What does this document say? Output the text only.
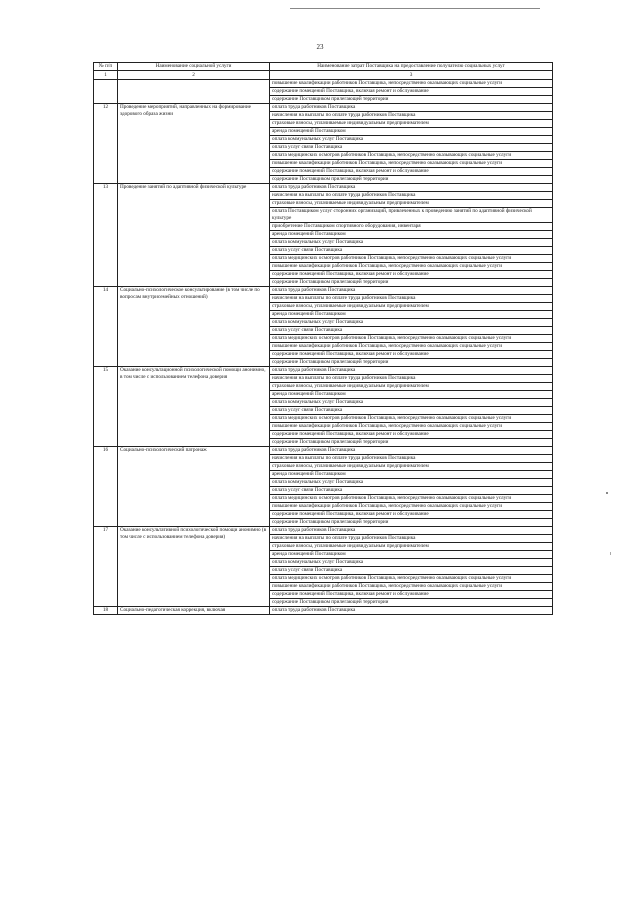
23
№ п/п	Наименование социальной услуги	Наименование затрат Поставщика на предоставление получателю социальных услуг
1	2	3
		повышение квалификации работников Поставщика, непосредственно оказывающих социальные услуги
		содержание помещений Поставщика, включая ремонт и обслуживание
		содержание Поставщиком прилегающей территории
12	Проведение мероприятий, направленных на формирование здорового образа жизни	оплата труда работников Поставщика
		начисления на выплаты по оплате труда работников Поставщика
		страховые взносы, уплачиваемые индивидуальным предпринимателем
		аренда помещений Поставщиком
		оплата коммунальных услуг Поставщика
		оплата услуг связи Поставщика
		оплата медицинских осмотров работников Поставщика, непосредственно оказывающих социальные услуги
		повышение квалификации работников Поставщика, непосредственно оказывающих социальные услуги
		содержание помещений Поставщика, включая ремонт и обслуживание
		содержание Поставщиком прилегающей территории
13	Проведение занятий по адаптивной физической культуре	оплата труда работников Поставщика
		начисления на выплаты по оплате труда работников Поставщика
		страховые взносы, уплачиваемые индивидуальным предпринимателем
		оплата Поставщиком услуг сторонних организаций, привлеченных к проведению занятий по адаптивной физической культуре
		приобретение Поставщиком спортивного оборудования, инвентаря
		аренда помещений Поставщиком
		оплата коммунальных услуг Поставщика
		оплата услуг связи Поставщика
		оплата медицинских осмотров работников Поставщика, непосредственно оказывающих социальные услуги
		повышение квалификации работников Поставщика, непосредственно оказывающих социальные услуги
		содержание помещений Поставщика, включая ремонт и обслуживание
		содержание Поставщиком прилегающей территории
14	Социально-психологическое консультирование (в том числе по вопросам внутрисемейных отношений)	оплата труда работников Поставщика
		начисления на выплаты по оплате труда работников Поставщика
		страховые взносы, уплачиваемые индивидуальным предпринимателем
		аренда помещений Поставщиком
		оплата коммунальных услуг Поставщика
		оплата услуг связи Поставщика
		оплата медицинских осмотров работников Поставщика, непосредственно оказывающих социальные услуги
		повышение квалификации работников Поставщика, непосредственно оказывающих социальные услуги
		содержание помещений Поставщика, включая ремонт и обслуживание
		содержание Поставщиком прилегающей территории
15	Оказание консультационной психологической помощи анонимно, в том числе с использованием телефона доверия	оплата труда работников Поставщика
		начисления на выплаты по оплате труда работников Поставщика
		страховые взносы, уплачиваемые индивидуальным предпринимателем
		аренда помещений Поставщиком
		оплата коммунальных услуг Поставщика
		оплата услуг связи Поставщика
		оплата медицинских осмотров работников Поставщика, непосредственно оказывающих социальные услуги
		повышение квалификации работников Поставщика, непосредственно оказывающих социальные услуги
		содержание помещений Поставщика, включая ремонт и обслуживание
		содержание Поставщиком прилегающей территории
16	Социально-психологический патронаж	оплата труда работников Поставщика
		начисления на выплаты по оплате труда работников Поставщика
		страховые взносы, уплачиваемые индивидуальным предпринимателем
		аренда помещений Поставщиком
		оплата коммунальных услуг Поставщика
		оплата услуг связи Поставщика
		оплата медицинских осмотров работников Поставщика, непосредственно оказывающих социальные услуги
		повышение квалификации работников Поставщика, непосредственно оказывающих социальные услуги
		содержание помещений Поставщика, включая ремонт и обслуживание
		содержание Поставщиком прилегающей территории
17	Оказание консультативной психологической помощи анонимно (в том числе с использованием телефона доверия)	оплата труда работников Поставщика
		начисления на выплаты по оплате труда работников Поставщика
		страховые взносы, уплачиваемые индивидуальным предпринимателем
		аренда помещений Поставщиком
		оплата коммунальных услуг Поставщика
		оплата услуг связи Поставщика
		оплата медицинских осмотров работников Поставщика, непосредственно оказывающих социальные услуги
		повышение квалификации работников Поставщика, непосредственно оказывающих социальные услуги
		содержание помещений Поставщика, включая ремонт и обслуживание
		содержание Поставщиком прилегающей территории
18	Социально-педагогическая коррекция, включая	оплата труда работников Поставщика
